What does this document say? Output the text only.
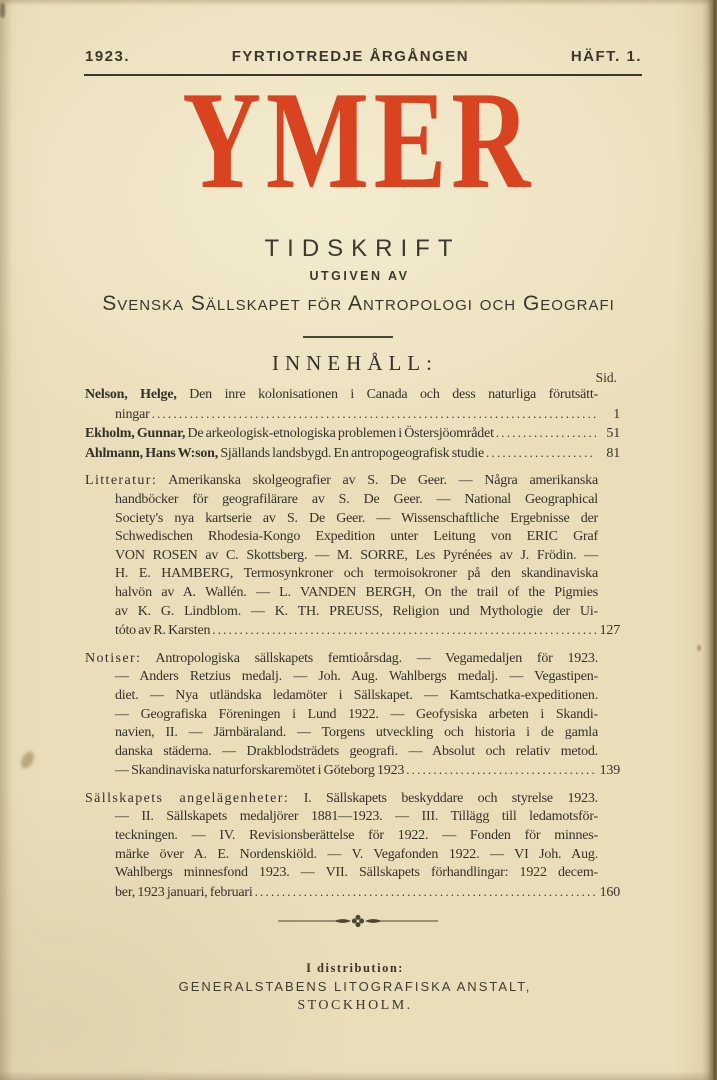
1923.	FYRTIOTREDJE ÅRGÅNGEN	HÄFT. 1.
YMER
TIDSKRIFT
UTGIVEN AV
Svenska Sällskapet för Antropologi och Geografi
INNEHÅLL:
Sid.
Nelson, Helge, Den inre kolonisationen i Canada och dess naturliga förutsätt-
ningar .....	1
Ekholm, Gunnar, De arkeologisk-etnologiska problemen i Östersjöområdet .....	51
Ahlmann, Hans W:son, Själlands landsbygd. En antropogeografisk studie .....	81
Litteratur: Amerikanska skolgeografier av S. De Geer. — Några amerikanska
handböcker för geografilärare av S. De Geer. — National Geographical
Society's nya kartserie av S. De Geer. — Wissenschaftliche Ergebnisse der
Schwedischen Rhodesia-Kongo Expedition unter Leitung von ERIC Graf
VON ROSEN av C. Skottsberg. — M. SORRE, Les Pyrénées av J. Frödin. —
H. E. HAMBERG, Termosynkroner och termoisokroner på den skandinaviska
halvön av A. Wallén. — L. VANDEN BERGH, On the trail of the Pigmies
av K. G. Lindblom. — K. TH. PREUSS, Religion und Mythologie der Ui-
tóto av R. Karsten .....	127
Notiser: Antropologiska sällskapets femtioårsdag. — Vegamedaljen för 1923.
— Anders Retzius medalj. — Joh. Aug. Wahlbergs medalj. — Vegastipen-
diet. — Nya utländska ledamöter i Sällskapet. — Kamtschatka-expeditionen.
— Geografiska Föreningen i Lund 1922. — Geofysiska arbeten i Skandi-
navien, II. — Järnbäraland. — Torgens utveckling och historia i de gamla
danska städerna. — Drakblodsträdets geografi. — Absolut och relativ metod.
— Skandinaviska naturforskaremötet i Göteborg 1923 .....	139
Sällskapets angelägenheter: I. Sällskapets beskyddare och styrelse 1923.
— II. Sällskapets medaljörer 1881—1923. — III. Tillägg till ledamotsför-
teckningen. — IV. Revisionsberättelse för 1922. — Fonden för minnes-
märke över A. E. Nordenskiöld. — V. Vegafonden 1922. — VI Joh. Aug.
Wahlbergs minnesfond 1923. — VII. Sällskapets förhandlingar: 1922 decem-
ber, 1923 januari, februari .....	160
I distribution:
GENERALSTABENS LITOGRAFISKA ANSTALT,
STOCKHOLM.
